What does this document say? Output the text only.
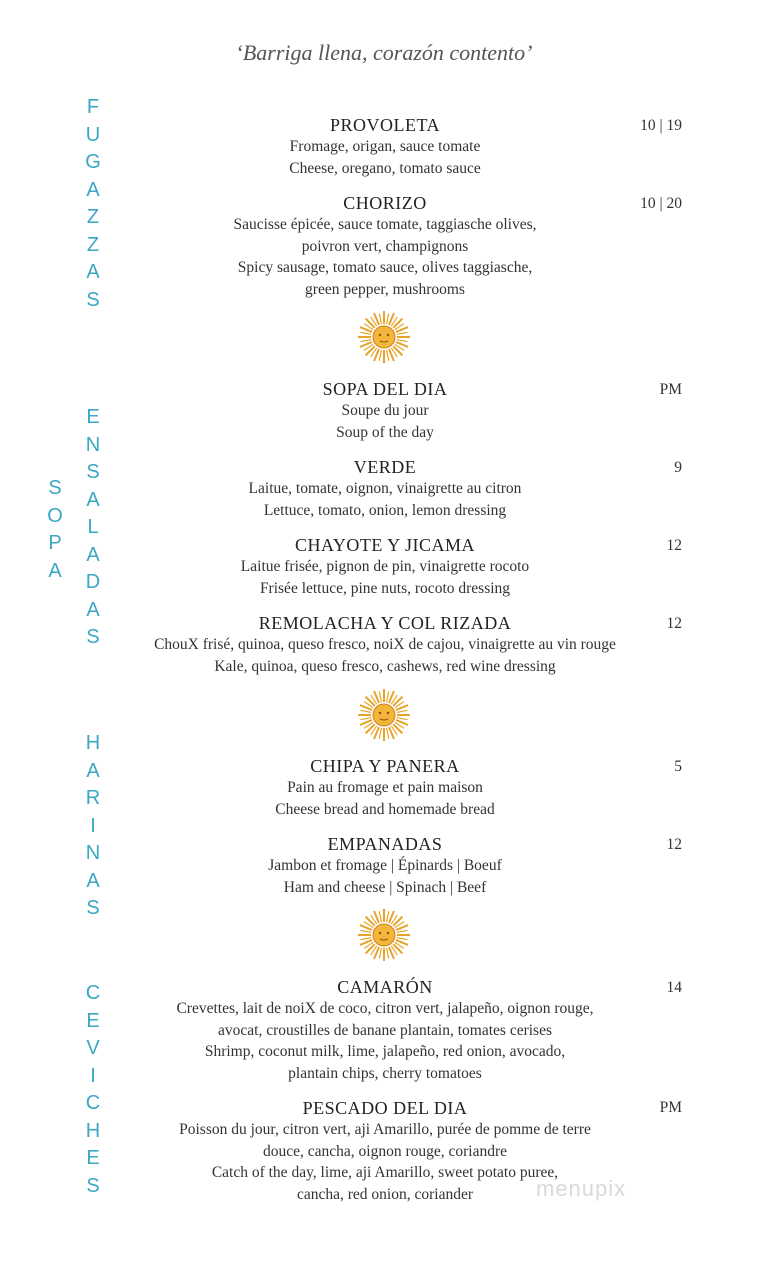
‘Barriga llena, corazón contento’
F
U
G
A
Z
Z
A
S
E
N
S
A
L
A
D
A
S
S
O
P
A
H
A
R
I
N
A
S
C
E
V
I
C
H
E
S
PROVOLETA
Fromage, origan, sauce tomate
Cheese, oregano, tomato sauce
10 | 19
CHORIZO
Saucisse épicée, sauce tomate, taggiasche olives,
poivron vert, champignons
Spicy sausage, tomato sauce, olives taggiasche,
green pepper, mushrooms
10 | 20
SOPA DEL DIA
Soupe du jour
Soup of the day
PM
VERDE
Laitue, tomate, oignon, vinaigrette au citron
Lettuce, tomato, onion, lemon dressing
9
CHAYOTE Y JICAMA
Laitue frisée, pignon de pin, vinaigrette rocoto
Frisée lettuce, pine nuts, rocoto dressing
12
REMOLACHA Y COL RIZADA
ChouX frisé, quinoa, queso fresco, noiX de cajou, vinaigrette au vin rouge
Kale, quinoa, queso fresco, cashews, red wine dressing
12
CHIPA Y PANERA
Pain au fromage et pain maison
Cheese bread and homemade bread
5
EMPANADAS
Jambon et fromage | Épinards | Boeuf
Ham and cheese | Spinach | Beef
12
CAMARÓN
Crevettes, lait de noiX de coco, citron vert, jalapeño, oignon rouge,
avocat, croustilles de banane plantain, tomates cerises
Shrimp, coconut milk, lime, jalapeño, red onion, avocado,
plantain chips, cherry tomatoes
14
PESCADO DEL DIA
Poisson du jour, citron vert, aji Amarillo, purée de pomme de terre
douce, cancha, oignon rouge, coriandre
Catch of the day, lime, aji Amarillo, sweet potato puree,
cancha, red onion, coriander
PM
menupix
